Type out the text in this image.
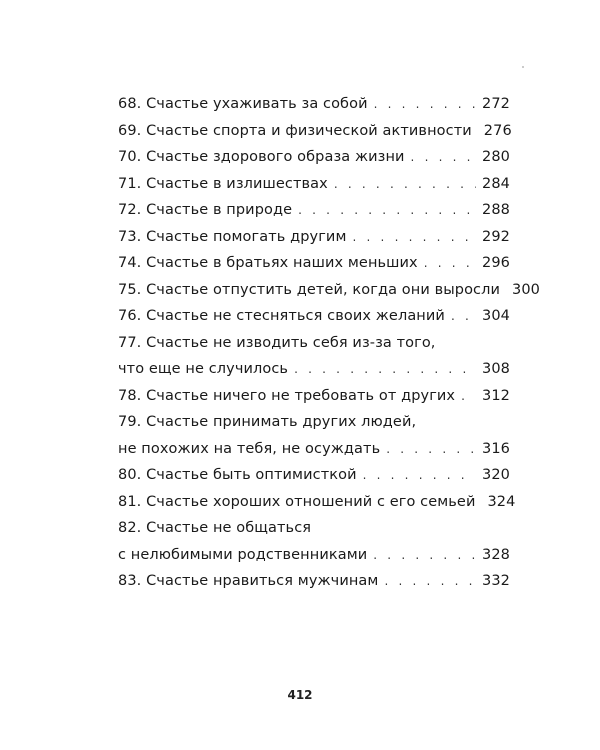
68. Счастье ухаживать за собой . . .	272
69. Счастье спорта и физической активности 276
70. Счастье здорового образа жизни . . .	280
71. Счастье в излишествах . . .	284
72. Счастье в природе . . .	288
73. Счастье помогать другим . . .	292
74. Счастье в братьях наших меньших . . .	296
75. Счастье отпустить детей, когда они выросли 300
76. Счастье не стесняться своих желаний . . .	304
77. Счастье не изводить себя из-за того,
что еще не случилось . . .	308
78. Счастье ничего не требовать от других . . . 312
79. Счастье принимать других людей,
не похожих на тебя, не осуждать . . .	316
80. Счастье быть оптимисткой . . .	320
81. Счастье хороших отношений с его семьей 324
82. Счастье не общаться
с нелюбимыми родственниками . . .	328
83. Счастье нравиться мужчинам . . .	332
412
